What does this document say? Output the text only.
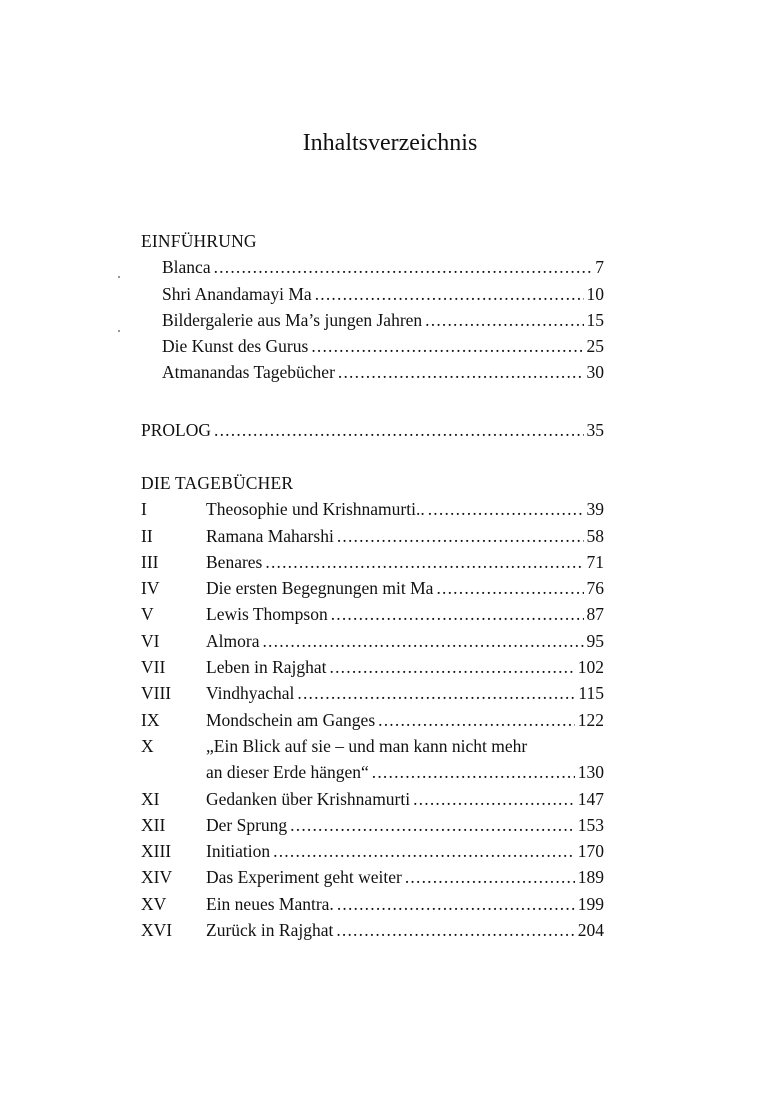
Inhaltsverzeichnis
EINFÜHRUNG
Blanca .....	7
Shri Anandamayi Ma .....	10
Bildergalerie aus Ma’s jungen Jahren .....	15
Die Kunst des Gurus .....	25
Atmanandas Tagebücher .....	30
PROLOG .....	35
DIE TAGEBÜCHER
I	Theosophie und Krishnamurti.. .....	39
II	Ramana Maharshi .....	58
III	Benares .....	71
IV	Die ersten Begegnungen mit Ma .....	76
V	Lewis Thompson .....	87
VI	Almora .....	95
VII	Leben in Rajghat .....	102
VIII	Vindhyachal .....	115
IX	Mondschein am Ganges .....	122
X	„Ein Blick auf sie – und man kann nicht mehr
an dieser Erde hängen“ .....	130
XI	Gedanken über Krishnamurti .....	147
XII	Der Sprung .....	153
XIII	Initiation .....	170
XIV	Das Experiment geht weiter .....	189
XV	Ein neues Mantra. .....	199
XVI	Zurück in Rajghat .....	204
